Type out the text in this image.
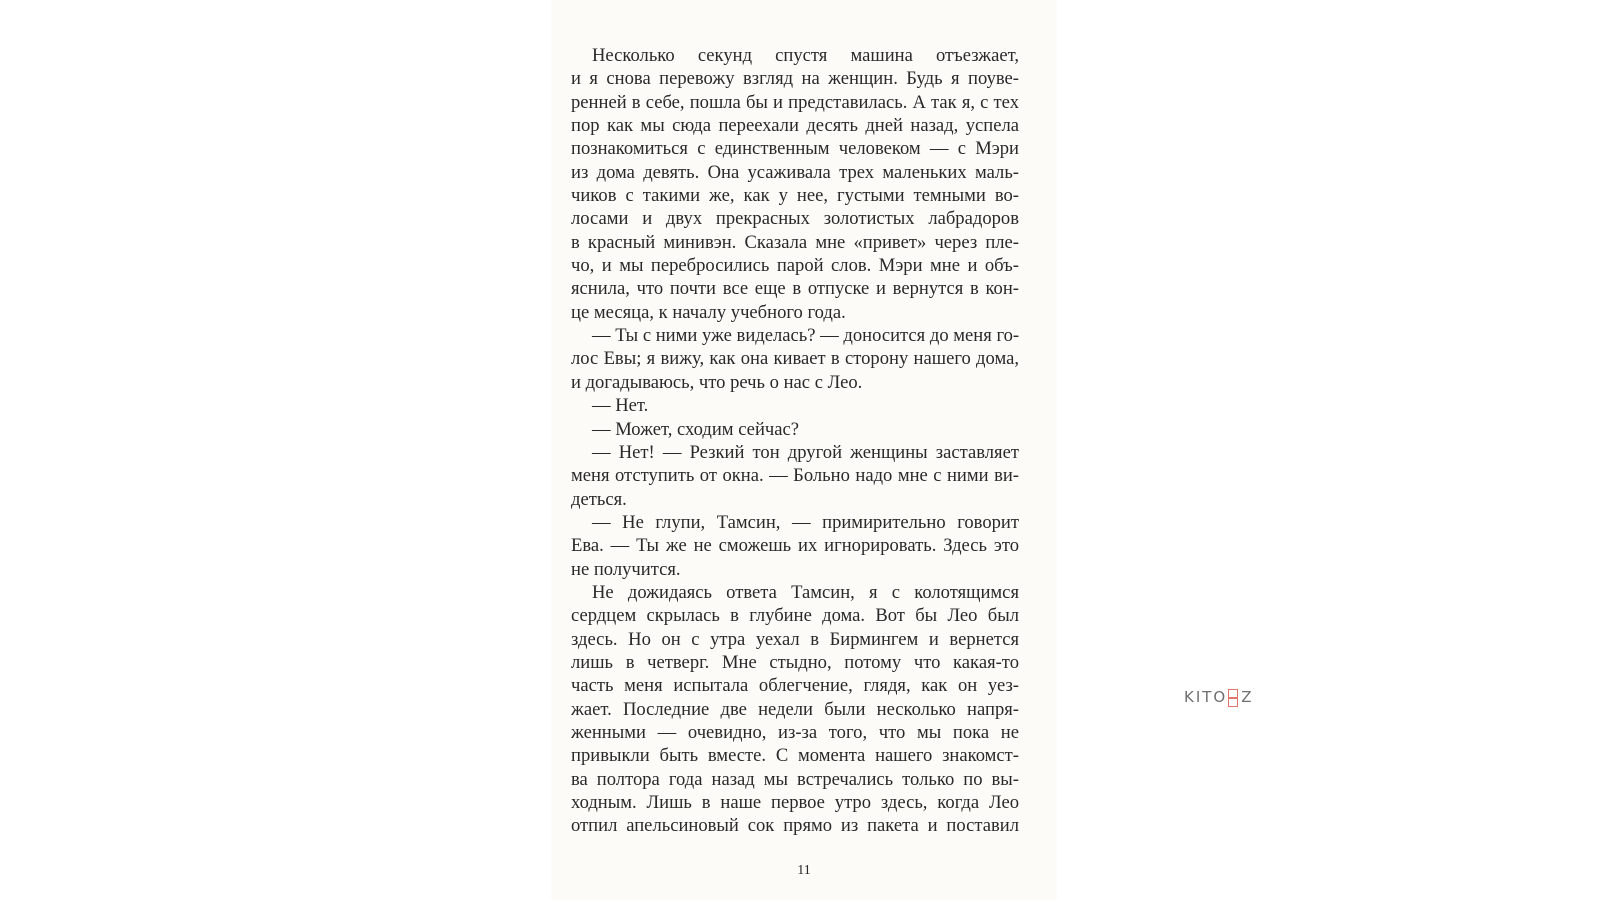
Несколько секунд спустя машина отъезжает,
и я снова перевожу взгляд на женщин. Будь я поуве-
ренней в себе, пошла бы и представилась. А так я, с тех
пор как мы сюда переехали десять дней назад, успела
познакомиться с единственным человеком — с Мэри
из дома девять. Она усаживала трех маленьких маль-
чиков с такими же, как у нее, густыми темными во-
лосами и двух прекрасных золотистых лабрадоров
в красный минивэн. Сказала мне «привет» через пле-
чо, и мы перебросились парой слов. Мэри мне и объ-
яснила, что почти все еще в отпуске и вернутся в кон-
це месяца, к началу учебного года.
— Ты с ними уже виделась? — доносится до меня го-
лос Евы; я вижу, как она кивает в сторону нашего дома,
и догадываюсь, что речь о нас с Лео.
— Нет.
— Может, сходим сейчас?
— Нет! — Резкий тон другой женщины заставляет
меня отступить от окна. — Больно надо мне с ними ви-
деться.
— Не глупи, Тамсин, — примирительно говорит
Ева. — Ты же не сможешь их игнорировать. Здесь это
не получится.
Не дожидаясь ответа Тамсин, я с колотящимся
сердцем скрылась в глубине дома. Вот бы Лео был
здесь. Но он с утра уехал в Бирмингем и вернется
лишь в четверг. Мне стыдно, потому что какая-то
часть меня испытала облегчение, глядя, как он уез-
жает. Последние две недели были несколько напря-
женными — очевидно, из-за того, что мы пока не
привыкли быть вместе. С момента нашего знакомст-
ва полтора года назад мы встречались только по вы-
ходным. Лишь в наше первое утро здесь, когда Лео
отпил апельсиновый сок прямо из пакета и поставил
11
KITO Z
